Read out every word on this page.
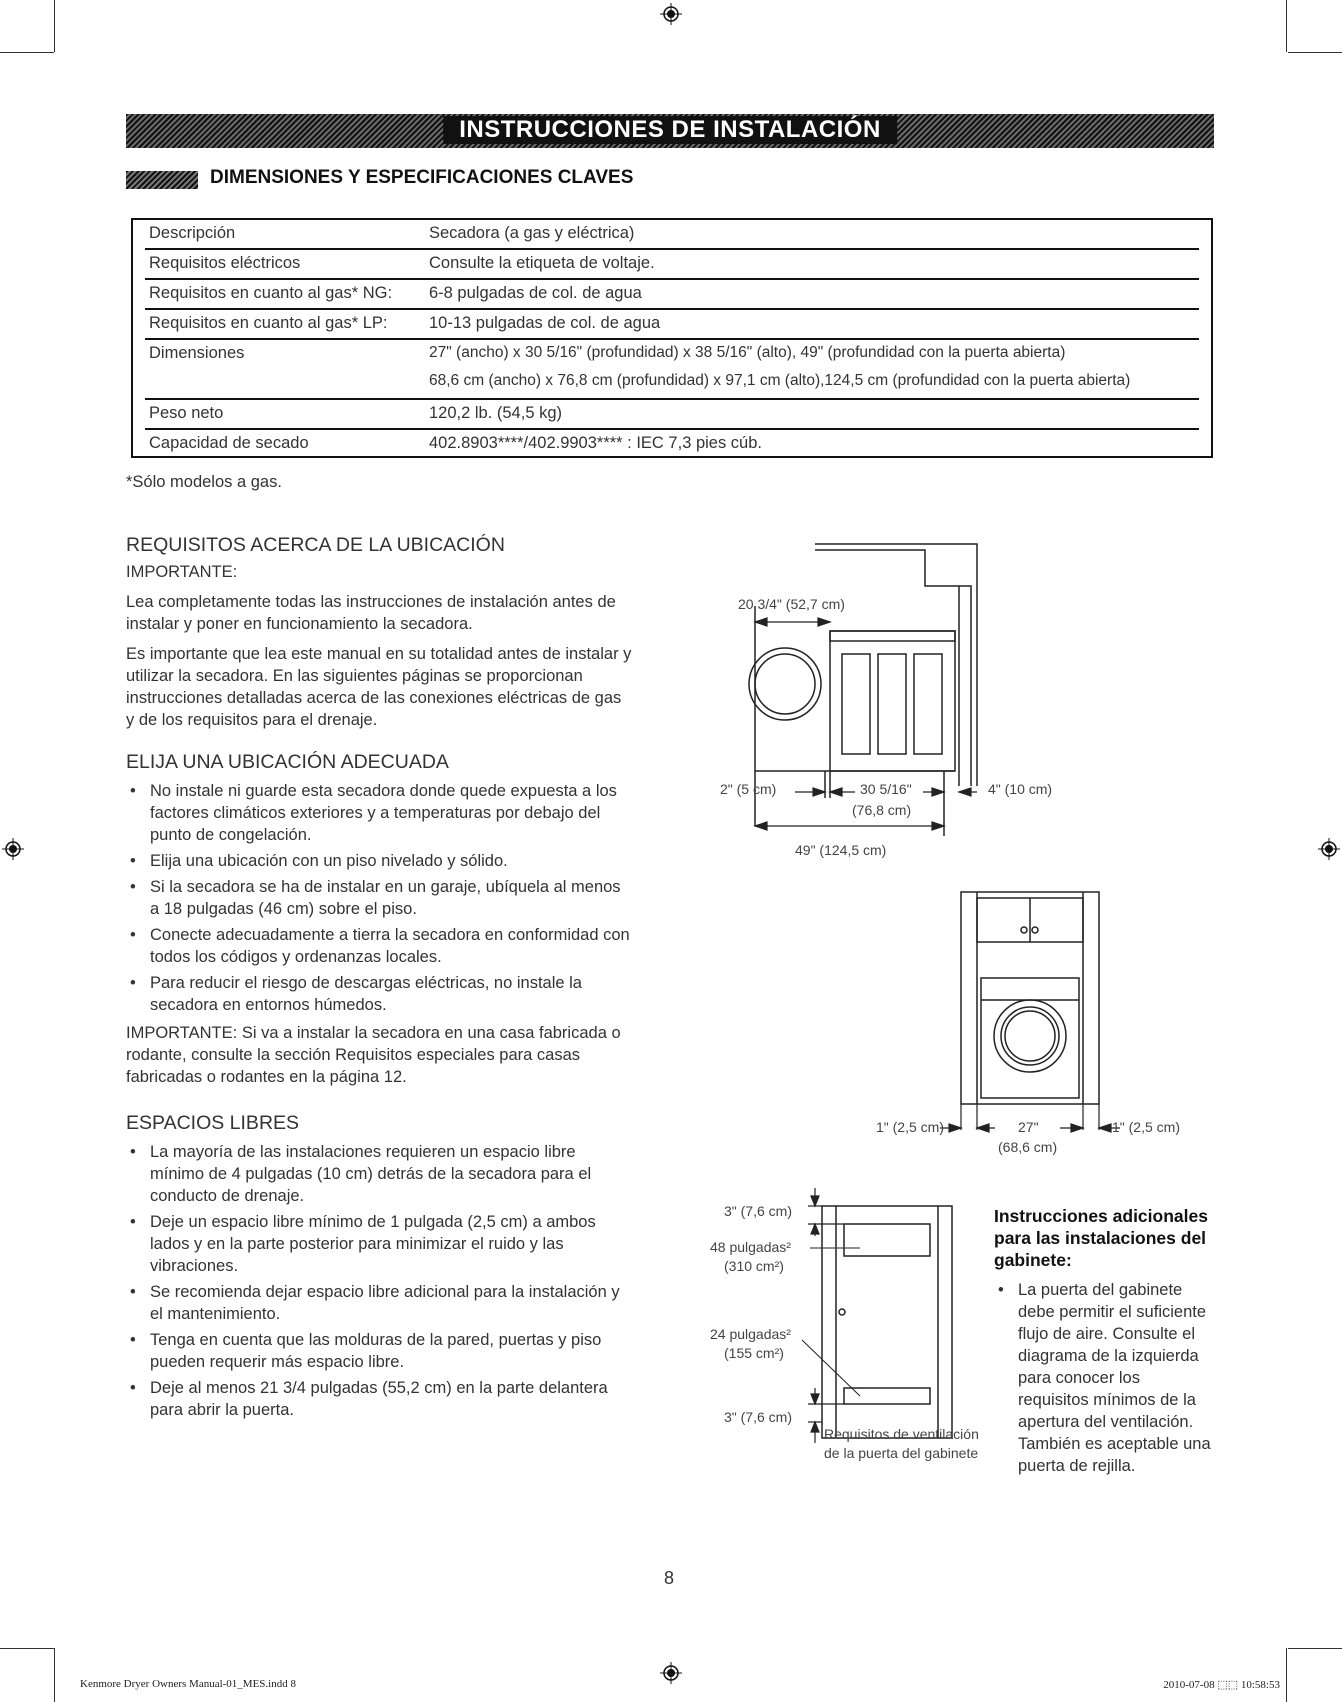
INSTRUCCIONES DE INSTALACIÓN
DIMENSIONES Y ESPECIFICACIONES CLAVES
Descripción	Secadora (a gas y eléctrica)
Requisitos eléctricos	Consulte la etiqueta de voltaje.
Requisitos en cuanto al gas* NG: 6-8 pulgadas de col. de agua
Requisitos en cuanto al gas* LP:	10-13 pulgadas de col. de agua
Dimensiones	27" (ancho) x 30 5/16" (profundidad) x 38 5/16" (alto), 49" (profundidad con la puerta abierta)
68,6 cm (ancho) x 76,8 cm (profundidad) x 97,1 cm (alto),124,5 cm (profundidad con la puerta abierta)
Peso neto	120,2 lb. (54,5 kg)
Capacidad de secado	402.8903****/402.9903**** : IEC 7,3 pies cúb.
*Sólo modelos a gas.
REQUISITOS ACERCA DE LA UBICACIÓN
IMPORTANTE:

Lea completamente todas las instrucciones de instalación antes de instalar y poner en funcionamiento la secadora.

Es importante que lea este manual en su totalidad antes de instalar y utilizar la secadora. En las siguientes páginas se proporcionan instrucciones detalladas acerca de las conexiones eléctricas de gas y de los requisitos para el drenaje.

ELIJA UNA UBICACIÓN ADECUADA
• No instale ni guarde esta secadora donde quede expuesta a los factores climáticos exteriores y a temperaturas por debajo del punto de congelación.
• Elija una ubicación con un piso nivelado y sólido.
• Si la secadora se ha de instalar en un garaje, ubíquela al menos a 18 pulgadas (46 cm) sobre el piso.
• Conecte adecuadamente a tierra la secadora en conformidad con todos los códigos y ordenanzas locales.
• Para reducir el riesgo de descargas eléctricas, no instale la secadora en entornos húmedos.

IMPORTANTE: Si va a instalar la secadora en una casa fabricada o rodante, consulte la sección Requisitos especiales para casas fabricadas o rodantes en la página 12.

ESPACIOS LIBRES
• La mayoría de las instalaciones requieren un espacio libre mínimo de 4 pulgadas (10 cm) detrás de la secadora para el conducto de drenaje.
• Deje un espacio libre mínimo de 1 pulgada (2,5 cm) a ambos lados y en la parte posterior para minimizar el ruido y las vibraciones.
• Se recomienda dejar espacio libre adicional para la instalación y el mantenimiento.
• Tenga en cuenta que las molduras de la pared, puertas y piso pueden requerir más espacio libre.
• Deje al menos 21 3/4 pulgadas (55,2 cm) en la parte delantera para abrir la puerta.
20 3/4" (52,7 cm)
2" (5 cm)	30 5/16"
(76,8 cm)
4" (10 cm)
49" (124,5 cm)
1" (2,5 cm)	27"
(68,6 cm)
1" (2,5 cm)
3" (7,6 cm)
48 pulgadas²
(310 cm²)
24 pulgadas²
(155 cm²)
3" (7,6 cm)
Requisitos de ventilación
de la puerta del gabinete
Instrucciones adicionales para las instalaciones del gabinete:
• La puerta del gabinete debe permitir el suficiente flujo de aire. Consulte el diagrama de la izquierda para conocer los requisitos mínimos de la apertura del ventilación. También es aceptable una puerta de rejilla.
8
Kenmore Dryer Owners Manual-01_MES.indd 8	2010-07-08 ⬚⬚ 10:58:53
